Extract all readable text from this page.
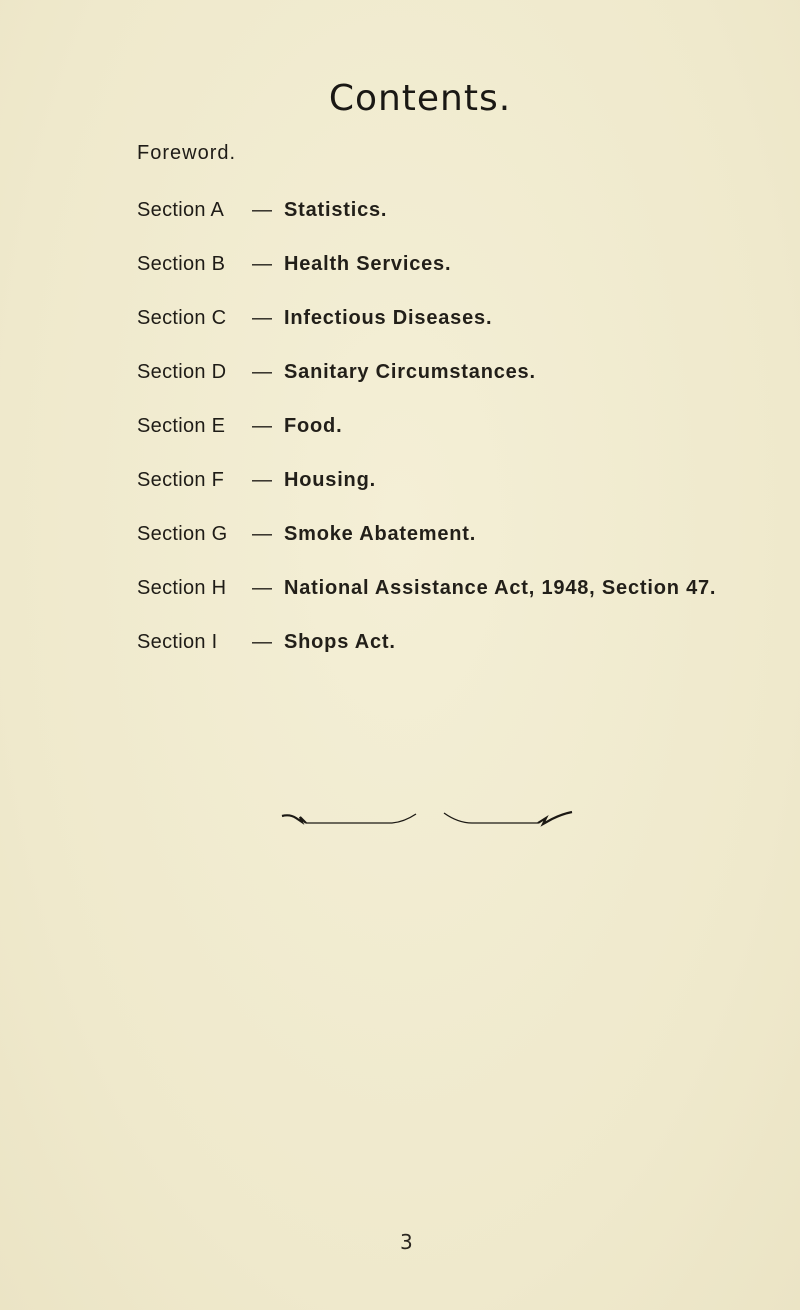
Contents.
Foreword.
Section A — Statistics.
Section B — Health Services.
Section C — Infectious Diseases.
Section D — Sanitary Circumstances.
Section E — Food.
Section F — Housing.
Section G — Smoke Abatement.
Section H — National Assistance Act, 1948, Section 47.
Section I — Shops Act.
3
